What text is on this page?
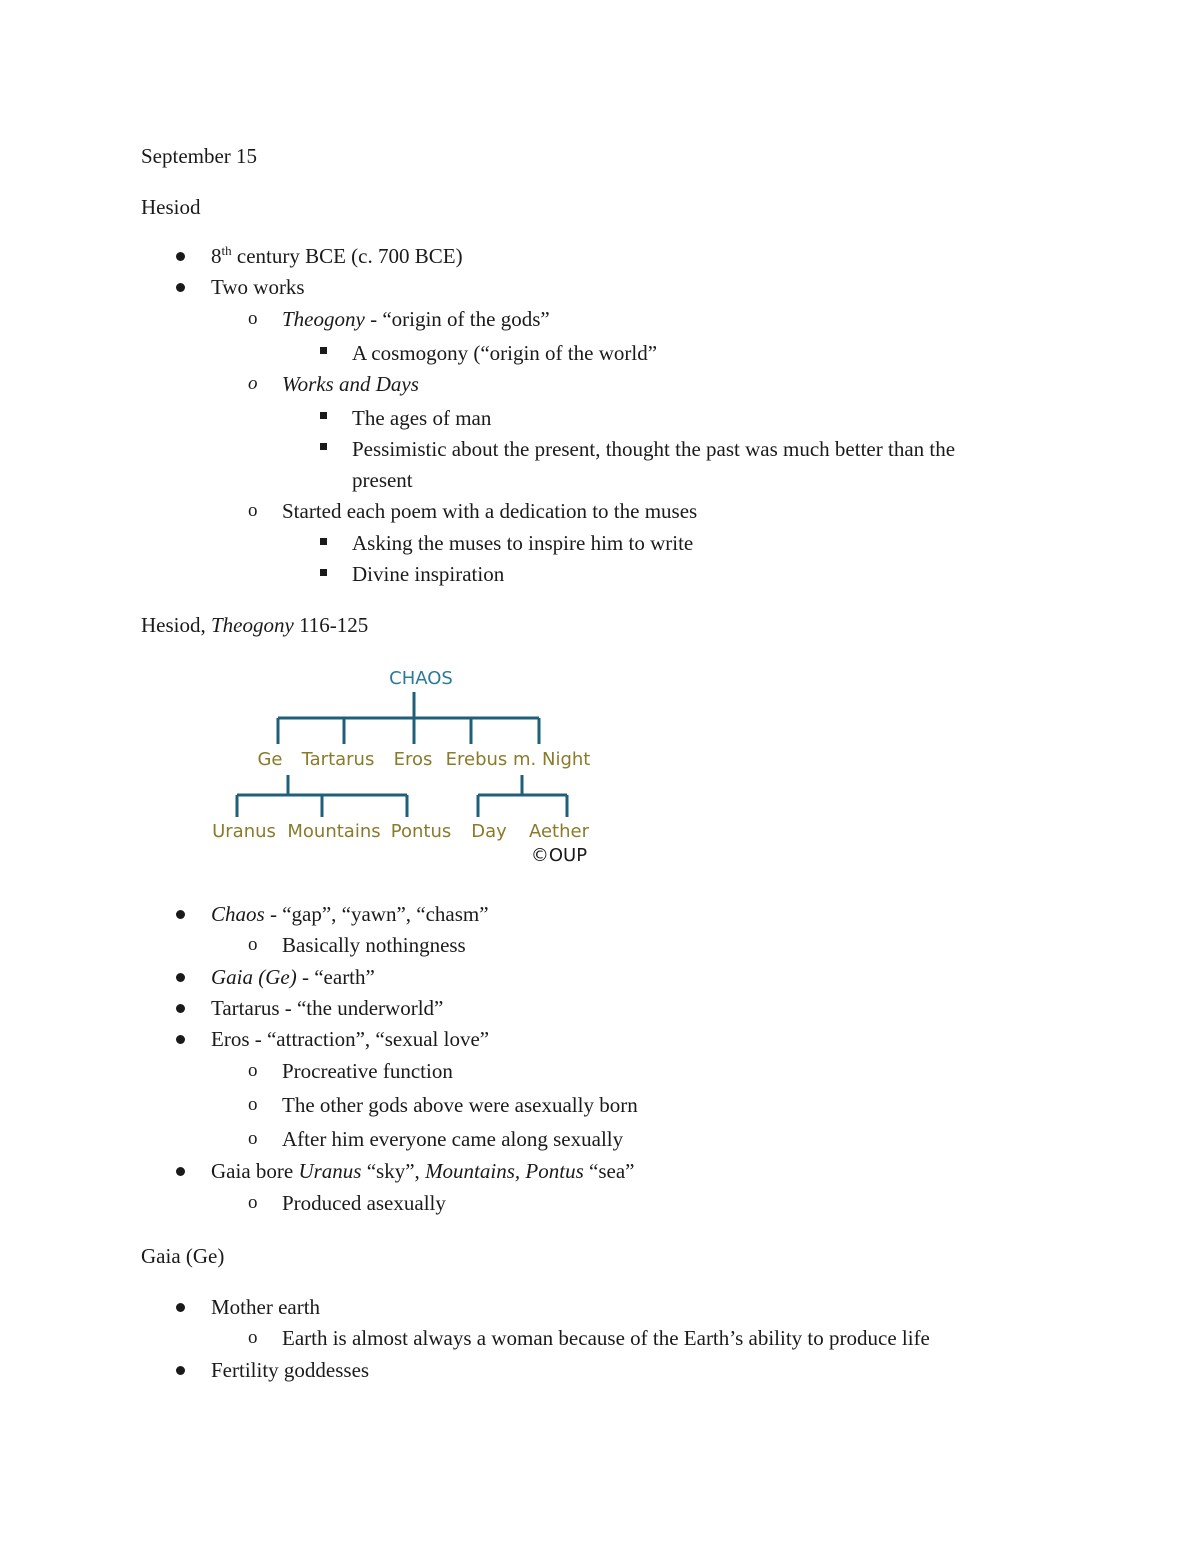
September 15
Hesiod
8th century BCE (c. 700 BCE)
Two works
o Theogony - “origin of the gods”
A cosmogony (“origin of the world”
o Works and Days
The ages of man
Pessimistic about the present, thought the past was much better than the
present
o Started each poem with a dedication to the muses
Asking the muses to inspire him to write
Divine inspiration
Hesiod, Theogony 116-125
CHAOS
Ge Tartarus Eros Erebus m. Night
Uranus Mountains Pontus Day Aether
©OUP
Chaos - “gap”, “yawn”, “chasm”
o Basically nothingness
Gaia (Ge) - “earth”
Tartarus - “the underworld”
Eros - “attraction”, “sexual love”
o Procreative function
o The other gods above were asexually born
o After him everyone came along sexually
Gaia bore Uranus “sky”, Mountains, Pontus “sea”
o Produced asexually
Gaia (Ge)
Mother earth
o Earth is almost always a woman because of the Earth’s ability to produce life
Fertility goddesses
